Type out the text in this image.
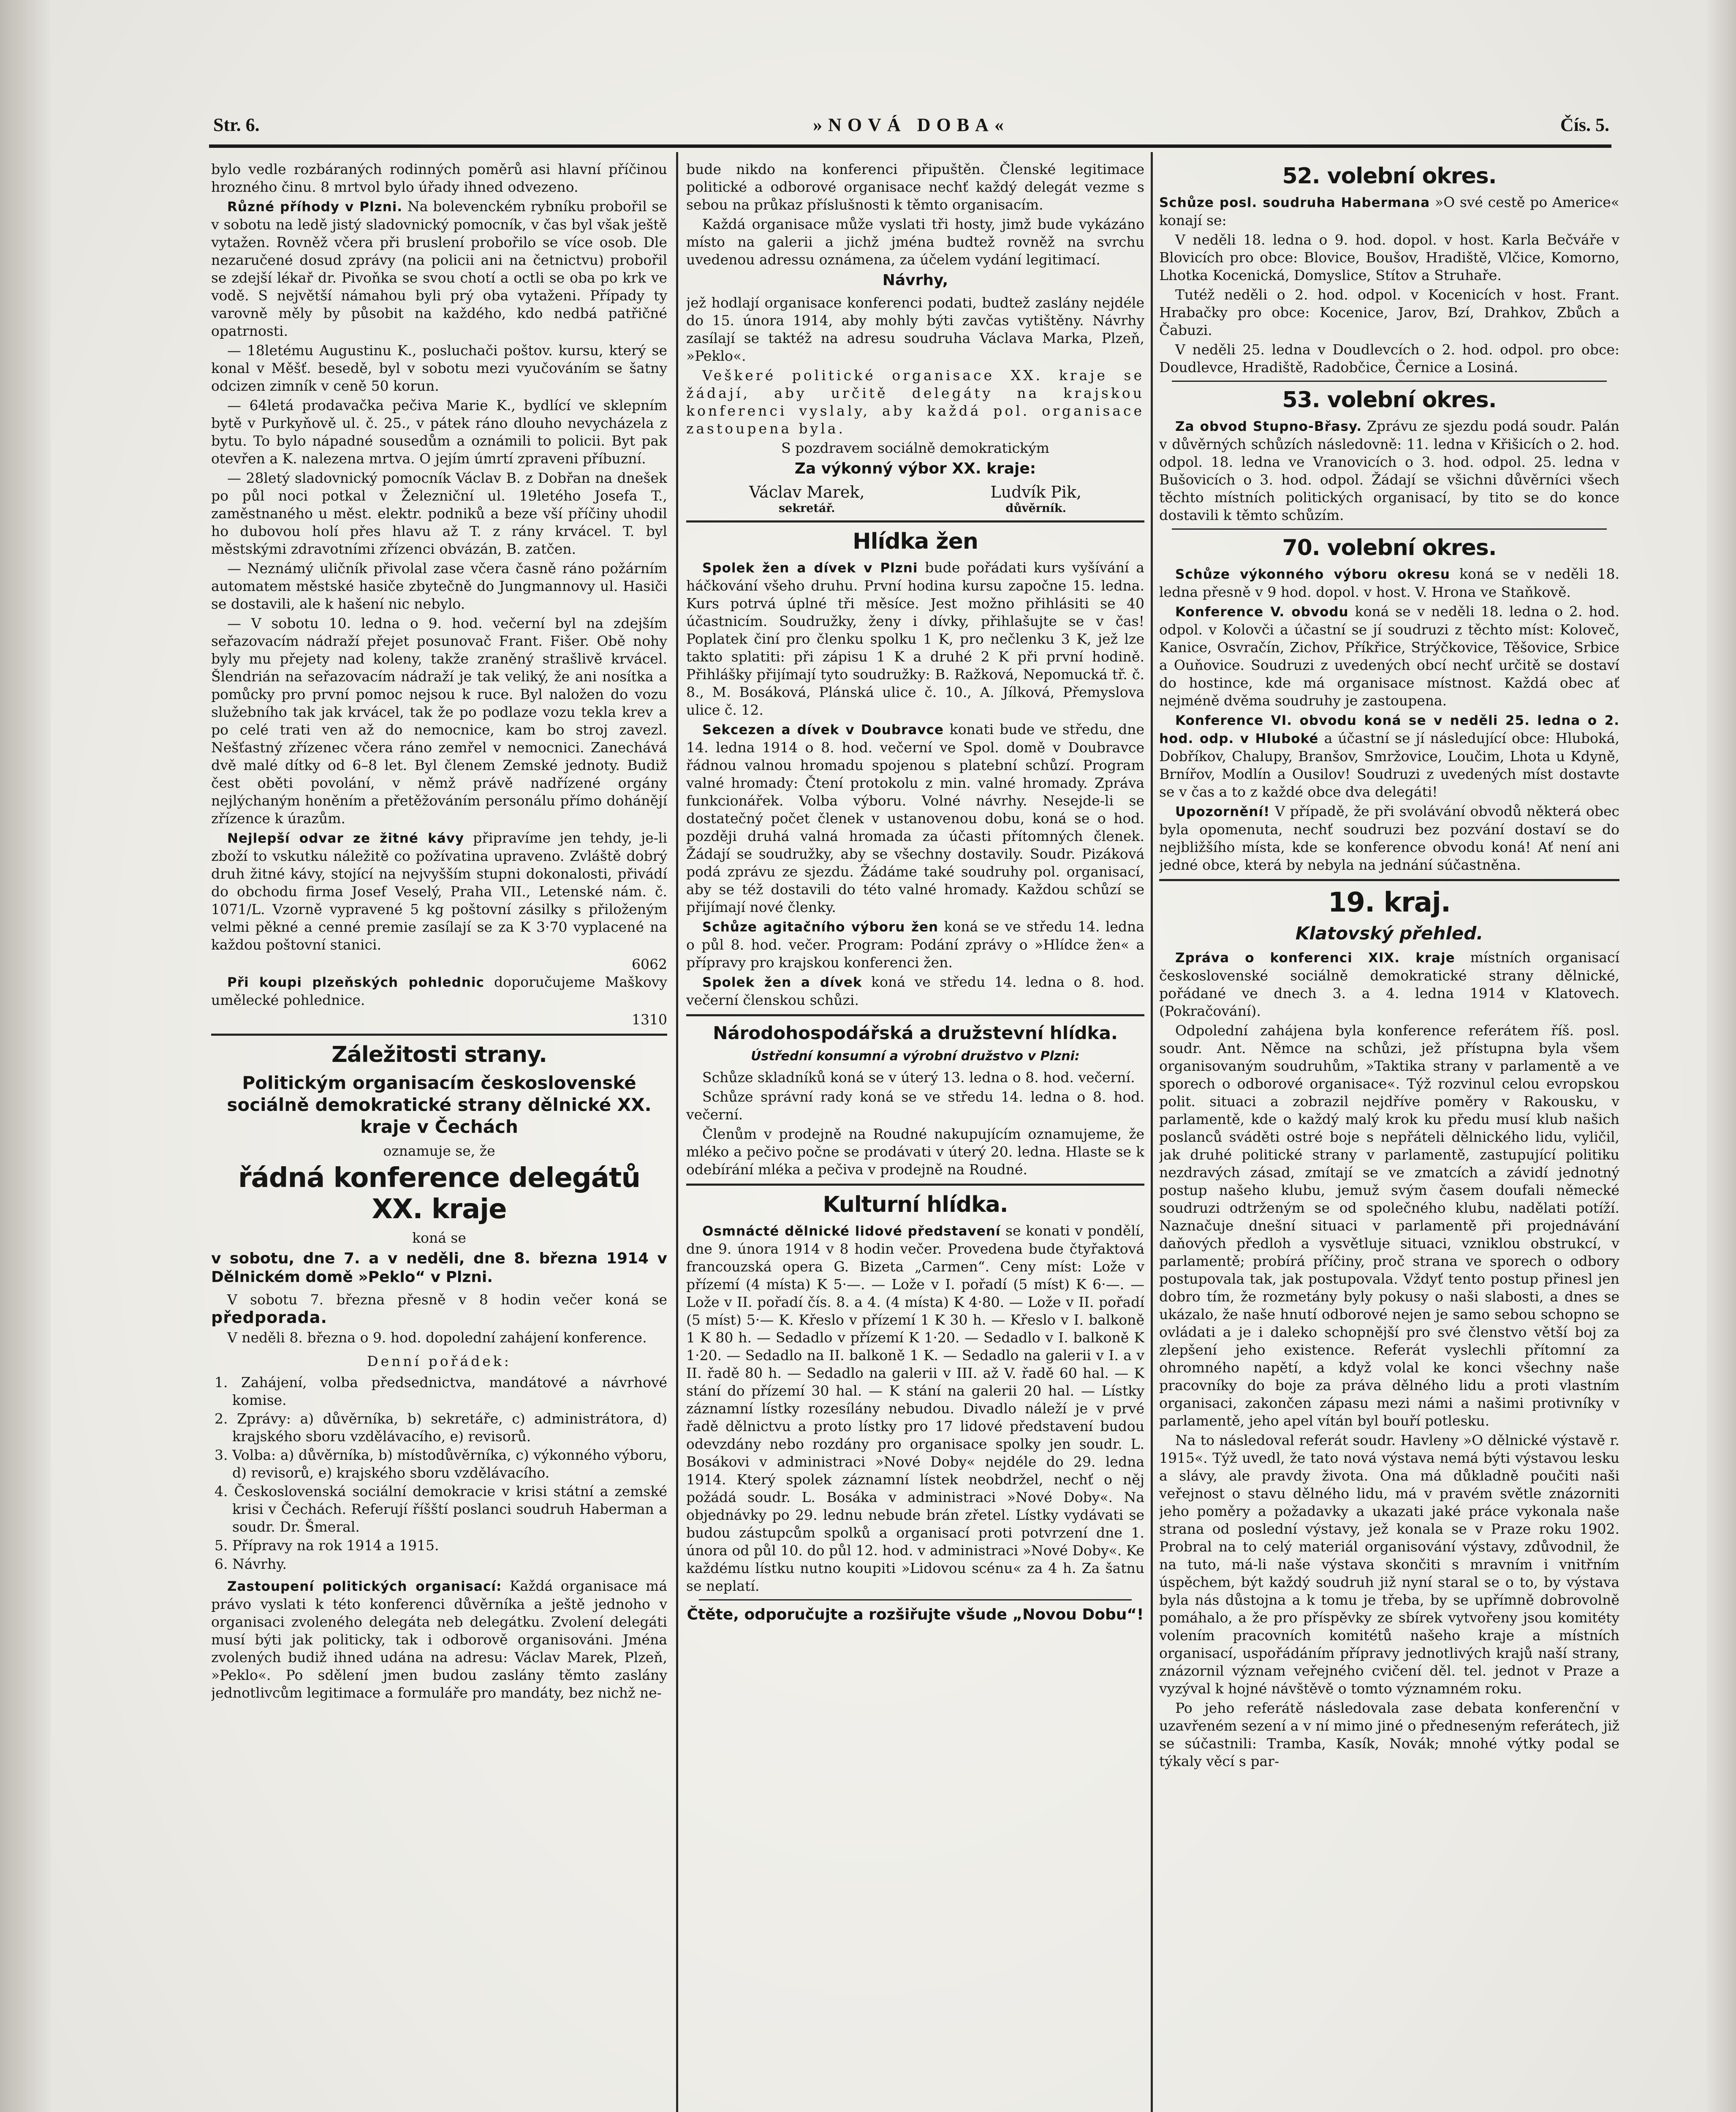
Str. 6.	»NOVÁ DOBA«	Čís. 5.

bylo vedle rozbáraných rodinných poměrů asi hlavní příčinou hrozného činu. 8 mrtvol bylo úřady ihned odvezeno.

Různé příhody v Plzni. Na bolevenckém rybníku probořil se v sobotu na ledě jistý sladovnický pomocník, v čas byl však ještě vytažen. Rovněž včera při bruslení probořilo se více osob. Dle nezaručené dosud zprávy (na policii ani na četnictvu) probořil se zdejší lékař dr. Pivoňka se svou chotí a octli se oba po krk ve vodě. S největší námahou byli prý oba vytaženi. Případy ty varovně měly by působit na každého, kdo nedbá patřičné opatrnosti.

— 18letému Augustinu K., posluchači poštov. kursu, který se konal v Měšť. besedě, byl v sobotu mezi vyučováním se šatny odcizen zimník v ceně 50 korun.

— 64letá prodavačka pečiva Marie K., bydlící ve sklepním bytě v Purkyňově ul. č. 25., v pátek ráno dlouho nevycházela z bytu. To bylo nápadné sousedům a oznámili to policii. Byt pak otevřen a K. nalezena mrtva. O jejím úmrtí zpraveni příbuzní.

— 28letý sladovnický pomocník Václav B. z Dobřan na dnešek po půl noci potkal v Železniční ul. 19letého Josefa T., zaměstnaného u měst. elektr. podniků a beze vší příčiny uhodil ho dubovou holí přes hlavu až T. z rány krvácel. T. byl městskými zdravotními zřízenci obvázán, B. zatčen.

— Neznámý uličník přivolal zase včera časně ráno požárním automatem městské hasiče zbytečně do Jungmannovy ul. Hasiči se dostavili, ale k hašení nic nebylo.

— V sobotu 10. ledna o 9. hod. večerní byl na zdejším seřazovacím nádraží přejet posunovač Frant. Fišer. Obě nohy byly mu přejety nad koleny, takže zraněný strašlivě krvácel. Šlendrián na seřazovacím nádraží je tak veliký, že ani nosítka a pomůcky pro první pomoc nejsou k ruce. Byl naložen do vozu služebního tak jak krvácel, tak že po podlaze vozu tekla krev a po celé trati ven až do nemocnice, kam bo stroj zavezl. Nešťastný zřízenec včera ráno zemřel v nemocnici. Zanechává dvě malé dítky od 6–8 let. Byl členem Zemské jednoty. Budiž čest oběti povolání, v němž právě nadřízené orgány nejlýchaným honěním a přetěžováním personálu přímo dohánějí zřízence k úrazům.

Nejlepší odvar ze žitné kávy připravíme jen tehdy, je-li zboží to vskutku náležitě co požívatina upraveno. Zvláště dobrý druh žitné kávy, stojící na nejvyšším stupni dokonalosti, přivádí do obchodu firma Josef Veselý, Praha VII., Letenské nám. č. 1071/L. Vzorně vypravené 5 kg poštovní zásilky s přiloženým velmi pěkné a cenné premie zasílají se za K 3·70 vyplacené na každou poštovní stanici.

6062

Při koupi plzeňských pohlednic doporučujeme Maškovy umělecké pohlednice.

1310
Záležitosti strany.
Politickým organisacím československé sociálně demokratické strany dělnické XX. kraje v Čechách
oznamuje se, že
řádná konference delegátů XX. kraje
koná se
v sobotu, dne 7. a v neděli, dne 8. března 1914 v Dělnickém domě »Peklo“ v Plzni.

V sobotu 7. března přesně v 8 hodin večer koná se předporada.

V neděli 8. března o 9. hod. dopolední zahájení konference.

Denní pořádek:
1. Zahájení, volba předsednictva, mandátové a návrhové komise.
2. Zprávy: a) důvěrníka, b) sekretáře, c) administrátora, d) krajského sboru vzdělávacího, e) revisorů.
3. Volba: a) důvěrníka, b) místodůvěrníka, c) výkonného výboru, d) revisorů, e) krajského sboru vzdělávacího.
4. Československá sociální demokracie v krisi státní a zemské krisi v Čechách. Referují říšští poslanci soudruh Haberman a soudr. Dr. Šmeral.
5. Přípravy na rok 1914 a 1915.
6. Návrhy.

Zastoupení politických organisací: Každá organisace má právo vyslati k této konferenci důvěrníka a ještě jednoho v organisaci zvoleného delegáta neb delegátku. Zvolení delegáti musí býti jak politicky, tak i odborově organisováni. Jména zvolených budiž ihned udána na adresu: Václav Marek, Plzeň, »Peklo«. Po sdělení jmen budou zaslány těmto zaslány jednotlivcům legitimace a formuláře pro mandáty, bez nichž ne-

bude nikdo na konferenci připuštěn. Členské legitimace politické a odborové organisace nechť každý delegát vezme s sebou na průkaz příslušnosti k těmto organisacím.

Každá organisace může vyslati tři hosty, jimž bude vykázáno místo na galerii a jichž jména budtež rovněž na svrchu uvedenou adressu oznámena, za účelem vydání legitimací.

Návrhy,

jež hodlají organisace konferenci podati, budtež zaslány nejdéle do 15. února 1914, aby mohly býti zavčas vytištěny. Návrhy zasílají se taktéž na adresu soudruha Václava Marka, Plzeň, »Peklo«.

Veškeré politické organisace XX. kraje se žádají, aby určitě delegáty na krajskou konferenci vyslaly, aby každá pol. organisace zastoupena byla.

S pozdravem sociálně demokratickým
Za výkonný výbor XX. kraje:
Václav Marek,
sekretář.
Ludvík Pik,
důvěrník.
Hlídka žen

Spolek žen a dívek v Plzni bude pořádati kurs vyšívání a háčkování všeho druhu. První hodina kursu započne 15. ledna. Kurs potrvá úplné tři měsíce. Jest možno přihlásiti se 40 účastnicím. Soudružky, ženy i dívky, přihlašujte se v čas! Poplatek činí pro členku spolku 1 K, pro nečlenku 3 K, jež lze takto splatiti: při zápisu 1 K a druhé 2 K při první hodině. Přihlášky přijímají tyto soudružky: B. Ražková, Nepomucká tř. č. 8., M. Bosáková, Plánská ulice č. 10., A. Jílková, Přemyslova ulice č. 12.

Sekcezen a dívek v Doubravce konati bude ve středu, dne 14. ledna 1914 o 8. hod. večerní ve Spol. domě v Doubravce řádnou valnou hromadu spojenou s platební schůzí. Program valné hromady: Čtení protokolu z min. valné hromady. Zpráva funkcionářek. Volba výboru. Volné návrhy. Nesejde-li se dostatečný počet členek v ustanovenou dobu, koná se o hod. později druhá valná hromada za účasti přítomných členek. Žádají se soudružky, aby se všechny dostavily. Soudr. Pizáková podá zprávu ze sjezdu. Žádáme také soudruhy pol. organisací, aby se též dostavili do této valné hromady. Každou schůzí se přijímají nové členky.

Schůze agitačního výboru žen koná se ve středu 14. ledna o půl 8. hod. večer. Program: Podání zprávy o »Hlídce žen« a přípravy pro krajskou konferenci žen.

Spolek žen a dívek koná ve středu 14. ledna o 8. hod. večerní členskou schůzi.

Národohospodářská a družstevní hlídka.
Ústřední konsumní a výrobní družstvo v Plzni:

Schůze skladníků koná se v úterý 13. ledna o 8. hod. večerní.

Schůze správní rady koná se ve středu 14. ledna o 8. hod. večerní.

Členům v prodejně na Roudné nakupujícím oznamujeme, že mléko a pečivo počne se prodávati v úterý 20. ledna. Hlaste se k odebírání mléka a pečiva v prodejně na Roudné.

Kulturní hlídka.

Osmnácté dělnické lidové představení se konati v pondělí, dne 9. února 1914 v 8 hodin večer. Provedena bude čtyřaktová francouzská opera G. Bizeta „Carmen“. Ceny míst: Lože v přízemí (4 místa) K 5·—. — Lože v I. pořadí (5 míst) K 6·—. — Lože v II. pořadí čís. 8. a 4. (4 místa) K 4·80. — Lože v II. pořadí (5 míst) 5·— K. Křeslo v přízemí 1 K 30 h. — Křeslo v I. balkoně 1 K 80 h. — Sedadlo v přízemí K 1·20. — Sedadlo v I. balkoně K 1·20. — Sedadlo na II. balkoně 1 K. — Sedadlo na galerii v I. a v II. řadě 80 h. — Sedadlo na galerii v III. až V. řadě 60 hal. — K stání do přízemí 30 hal. — K stání na galerii 20 hal. — Lístky záznamní lístky rozesílány nebudou. Divadlo náleží je v prvé řadě dělnictvu a proto lístky pro 17 lidové představení budou odevzdány nebo rozdány pro organisace spolky jen soudr. L. Bosákovi v administraci »Nové Doby« nejdéle do 29. ledna 1914. Který spolek záznamní lístek neobdržel, nechť o něj požádá soudr. L. Bosáka v administraci »Nové Doby«. Na objednávky po 29. lednu nebude brán zřetel. Lístky vydávati se budou zástupcům spolků a organisací proti potvrzení dne 1. února od půl 10. do půl 12. hod. v administraci »Nové Doby«. Ke každému lístku nutno koupiti »Lidovou scénu« za 4 h. Za šatnu se neplatí.

Čtěte, odporučujte a rozšiřujte všude „Novou Dobu“!
52. volební okres.

Schůze posl. soudruha Habermana »O své cestě po Americe« konají se:

V neděli 18. ledna o 9. hod. dopol. v host. Karla Bečváře v Blovicích pro obce: Blovice, Boušov, Hradiště, Vlčice, Komorno, Lhotka Kocenická, Domyslice, Stítov a Struhaře.

Tutéž neděli o 2. hod. odpol. v Kocenicích v host. Frant. Hrabačky pro obce: Kocenice, Jarov, Bzí, Drahkov, Zbůch a Čabuzi.

V neděli 25. ledna v Doudlevcích o 2. hod. odpol. pro obce: Doudlevce, Hradiště, Radobčice, Černice a Losiná.

53. volební okres.

Za obvod Stupno-Břasy. Zprávu ze sjezdu podá soudr. Palán v důvěrných schůzích následovně: 11. ledna v Křišicích o 2. hod. odpol. 18. ledna ve Vranovicích o 3. hod. odpol. 25. ledna v Bušovicích o 3. hod. odpol. Žádají se všichni důvěrníci všech těchto místních politických organisací, by tito se do konce dostavili k těmto schůzím.

70. volební okres.

Schůze výkonného výboru okresu koná se v neděli 18. ledna přesně v 9 hod. dopol. v host. V. Hrona ve Staňkově.

Konference V. obvodu koná se v neděli 18. ledna o 2. hod. odpol. v Kolovči a účastní se jí soudruzi z těchto míst: Koloveč, Kanice, Osvračín, Zichov, Příkřice, Strýčkovice, Těšovice, Srbice a Ouňovice. Soudruzi z uvedených obcí nechť určitě se dostaví do hostince, kde má organisace místnost. Každá obec ať nejméně dvěma soudruhy je zastoupena.

Konference VI. obvodu koná se v neděli 25. ledna o 2. hod. odp. v Hluboké a účastní se jí následující obce: Hluboká, Dobříkov, Chalupy, Branšov, Smržovice, Loučim, Lhota u Kdyně, Brnířov, Modlín a Ousilov! Soudruzi z uvedených míst dostavte se v čas a to z každé obce dva delegáti!

Upozornění! V případě, že při svolávání obvodů některá obec byla opomenuta, nechť soudruzi bez pozvání dostaví se do nejbližšího místa, kde se konference obvodu koná! Ať není ani jedné obce, která by nebyla na jednání súčastněna.

19. kraj.
Klatovský přehled.

Zpráva o konferenci XIX. kraje místních organisací československé sociálně demokratické strany dělnické, pořádané ve dnech 3. a 4. ledna 1914 v Klatovech. (Pokračování).

Odpolední zahájena byla konference referátem říš. posl. soudr. Ant. Němce na schůzi, jež přístupna byla všem organisovaným soudruhům, »Taktika strany v parlamentě a ve sporech o odborové organisace«. Týž rozvinul celou evropskou polit. situaci a zobrazil nejdříve poměry v Rakousku, v parlamentě, kde o každý malý krok ku předu musí klub našich poslanců sváděti ostré boje s nepřáteli dělnického lidu, vyličil, jak druhé politické strany v parlamentě, zastupující politiku nezdravých zásad, zmítají se ve zmatcích a závidí jednotný postup našeho klubu, jemuž svým časem doufali německé soudruzi odtrženým se od společného klubu, nadělati potíží. Naznačuje dnešní situaci v parlamentě při projednávání daňových předloh a vysvětluje situaci, vzniklou obstrukcí, v parlamentě; probírá příčiny, proč strana ve sporech o odbory postupovala tak, jak postupovala. Vždyť tento postup přinesl jen dobro tím, že rozmetány byly pokusy o naši slabosti, a dnes se ukázalo, že naše hnutí odborové nejen je samo sebou schopno se ovládati a je i daleko schopnější pro své členstvo větší boj za zlepšení jeho existence. Referát vyslechli přítomní za ohromného napětí, a když volal ke konci všechny naše pracovníky do boje za práva dělného lidu a proti vlastním organisaci, zakončen zápasu mezi námi a našimi protivníky v parlamentě, jeho apel vítán byl bouří potlesku.

Na to následoval referát soudr. Havleny »O dělnické výstavě r. 1915«. Týž uvedl, že tato nová výstava nemá býti výstavou lesku a slávy, ale pravdy života. Ona má důkladně poučiti naši veřejnost o stavu dělného lidu, má v pravém světle znázorniti jeho poměry a požadavky a ukazati jaké práce vykonala naše strana od poslední výstavy, jež konala se v Praze roku 1902. Probral na to celý materiál organisování výstavy, zdůvodnil, že na tuto, má-li naše výstava skončiti s mravním i vnitřním úspěchem, být každý soudruh již nyní staral se o to, by výstava byla nás důstojna a k tomu je třeba, by se upřímně dobrovolně pomáhalo, a že pro příspěvky ze sbírek vytvořeny jsou komitéty volením pracovních komitétů našeho kraje a místních organisací, uspořádáním přípravy jednotlivých krajů naší strany, znázornil význam veřejného cvičení děl. tel. jednot v Praze a vyzýval k hojné návštěvě o tomto významném roku.

Po jeho referátě následovala zase debata konferenční v uzavřeném sezení a v ní mimo jiné o předneseným referátech, již se súčastnili: Tramba, Kasík, Novák; mnohé výtky podal se týkaly věcí s par-
